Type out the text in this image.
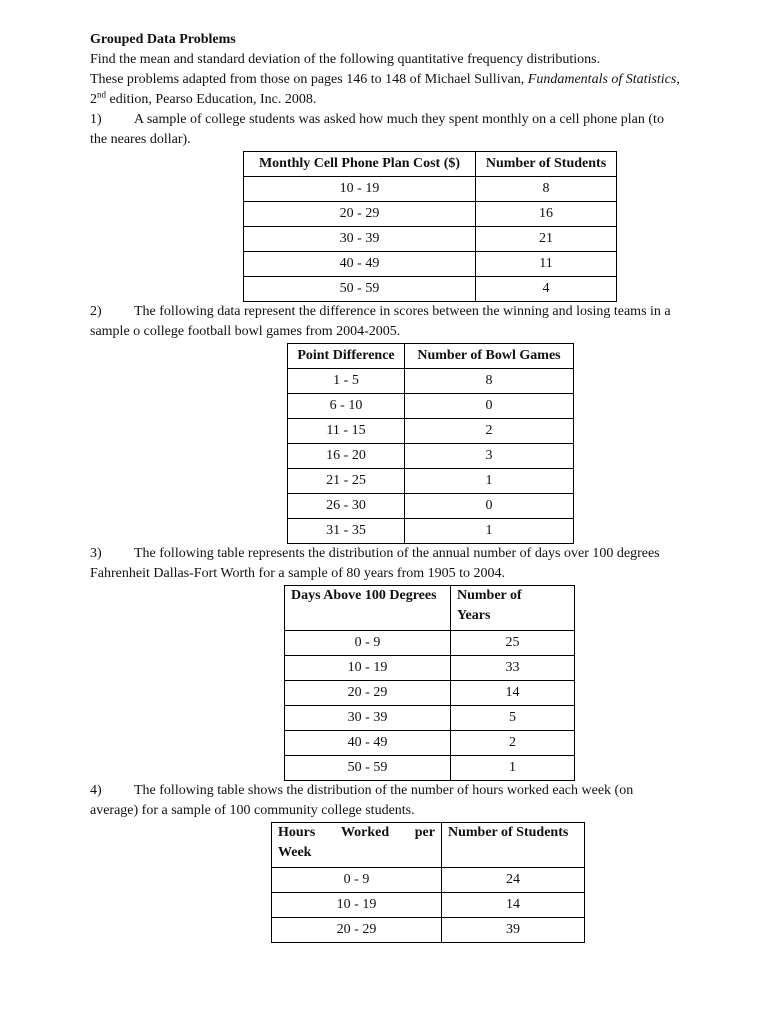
Grouped Data Problems

Find the mean and standard deviation of the following quantitative frequency distributions.
These problems adapted from those on pages 146 to 148 of Michael Sullivan, Fundamentals of Statistics, 2nd edition, Pearso Education, Inc. 2008.

1) A sample of college students was asked how much they spent monthly on a cell phone plan (to the neares dollar).

Monthly Cell Phone Plan Cost ($)	Number of Students
10 - 19	8
20 - 29	16
30 - 39	21
40 - 49	11
50 - 59	4

2) The following data represent the difference in scores between the winning and losing teams in a sample o college football bowl games from 2004-2005.

Point Difference	Number of Bowl Games
1 - 5	8
6 - 10	0
11 - 15	2
16 - 20	3
21 - 25	1
26 - 30	0
31 - 35	1

3) The following table represents the distribution of the annual number of days over 100 degrees Fahrenheit Dallas-Fort Worth for a sample of 80 years from 1905 to 2004.

Days Above 100 Degrees	Number of
Years
0 - 9	25
10 - 19	33
20 - 29	14
30 - 39	5
40 - 49	2
50 - 59	1

4) The following table shows the distribution of the number of hours worked each week (on average) for a sample of 100 community college students.

Hours Worked per
Week	Number of Students
0 - 9	24
10 - 19	14
20 - 29	39
